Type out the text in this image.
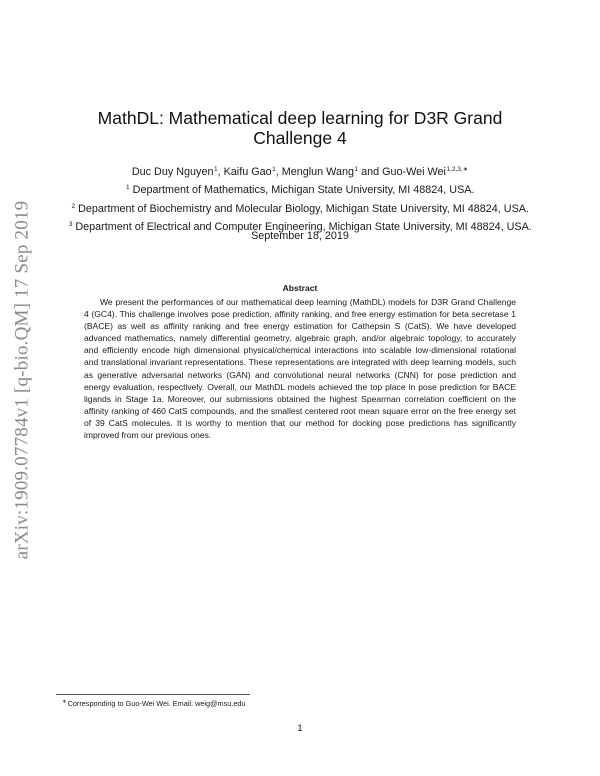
arXiv:1909.07784v1 [q-bio.QM] 17 Sep 2019
MathDL: Mathematical deep learning for D3R Grand Challenge 4
Duc Duy Nguyen$^1$, Kaifu Gao$^1$, Menglun Wang$^1$ and Guo-Wei Wei$^{1,2,3,∗}$
$^1$ Department of Mathematics, Michigan State University, MI 48824, USA.
$^2$ Department of Biochemistry and Molecular Biology, Michigan State University, MI 48824, USA.
$^3$ Department of Electrical and Computer Engineering, Michigan State University, MI 48824, USA.
September 18, 2019
Abstract

We present the performances of our mathematical deep learning (MathDL) models for D3R Grand Challenge 4 (GC4). This challenge involves pose prediction, affinity ranking, and free energy estimation for beta secretase 1 (BACE) as well as affinity ranking and free energy estimation for Cathepsin S (CatS). We have developed advanced mathematics, namely differential geometry, algebraic graph, and/or algebraic topology, to accurately and efficiently encode high dimensional physical/chemical interactions into scalable low-dimensional rotational and translational invariant representations. These representations are integrated with deep learning models, such as generative adversarial networks (GAN) and convolutional neural networks (CNN) for pose prediction and energy evaluation, respectively. Overall, our MathDL models achieved the top place in pose prediction for BACE ligands in Stage 1a. Moreover, our submissions obtained the highest Spearman correlation coefficient on the affinity ranking of 460 CatS compounds, and the smallest centered root mean square error on the free energy set of 39 CatS molecules. It is worthy to mention that our method for docking pose predictions has significantly improved from our previous ones.

∗Corresponding to Guo-Wei Wei. Email: weig@msu.edu
1
